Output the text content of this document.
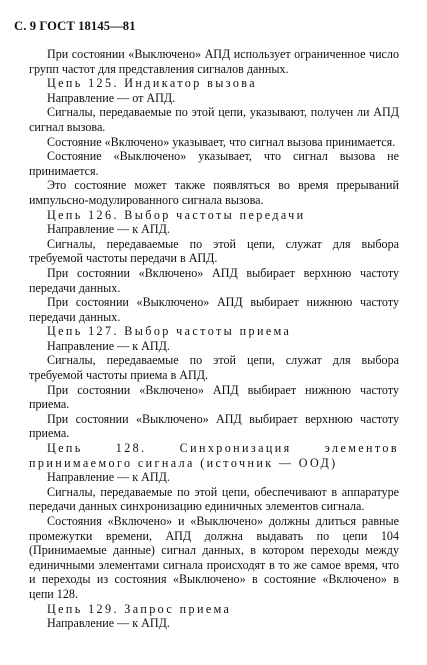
С. 9 ГОСТ 18145—81

При состоянии «Выключено» АПД использует ограниченное число групп частот для представления сигналов данных.

Цепь 125. Индикатор вызова

Направление — от АПД.

Сигналы, передаваемые по этой цепи, указывают, получен ли АПД сигнал вызова.

Состояние «Включено» указывает, что сигнал вызова принимается.

Состояние «Выключено» указывает, что сигнал вызова не принимается.

Это состояние может также появляться во время прерываний импульсно-модулированного сигнала вызова.

Цепь 126. Выбор частоты передачи

Направление — к АПД.

Сигналы, передаваемые по этой цепи, служат для выбора требуемой частоты передачи в АПД.

При состоянии «Включено» АПД выбирает верхнюю частоту передачи данных.

При состоянии «Выключено» АПД выбирает нижнюю частоту передачи данных.

Цепь 127. Выбор частоты приема

Направление — к АПД.

Сигналы, передаваемые по этой цепи, служат для выбора требуемой частоты приема в АПД.

При состоянии «Включено» АПД выбирает нижнюю частоту приема.

При состоянии «Выключено» АПД выбирает верхнюю частоту приема.

Цепь 128. Синхронизация элементов принимаемого сигнала (источник — ООД)

Направление — к АПД.

Сигналы, передаваемые по этой цепи, обеспечивают в аппаратуре передачи данных синхронизацию единичных элементов сигнала.

Состояния «Включено» и «Выключено» должны длиться равные промежутки времени, АПД должна выдавать по цепи 104 (Принимаемые данные) сигнал данных, в котором переходы между единичными элементами сигнала происходят в то же самое время, что и переходы из состояния «Выключено» в состояние «Включено» в цепи 128.

Цепь 129. Запрос приема

Направление — к АПД.
